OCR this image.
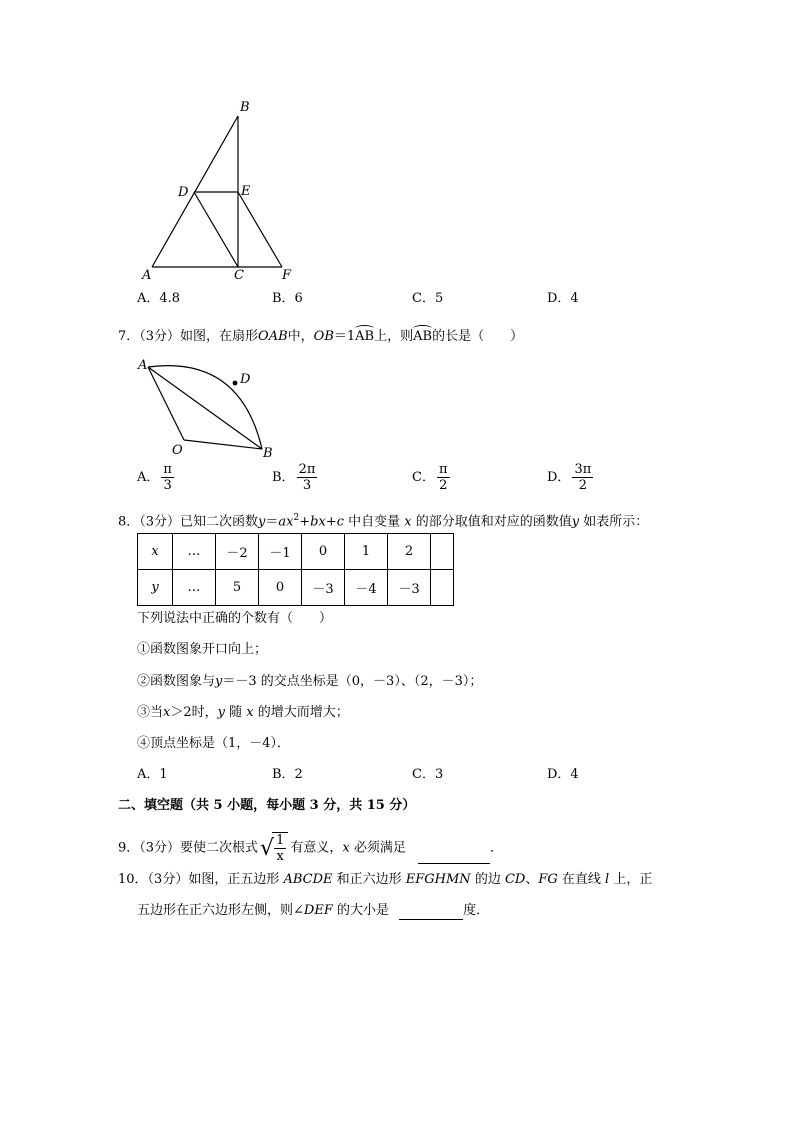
B
D	E
A	C	F
A．4.8	B．6	C．5	D．4
7．（3分）如图，在扇形OAB中，OB＝1AB上，则AB的长是（　　）
A
D
O	B
A． $\frac{\pi}{3}$	B． $\frac{2\pi}{3}$	C． $\frac{\pi}{2}$	D． $\frac{3\pi}{2}$
8．（3分）已知二次函数$y=ax^2+bx+c$ 中自变量 x 的部分取值和对应的函数值y 如表所示：
x	…	－2	－1	0	1	2	
y	…	5	0	－3	－4	－3	
下列说法中正确的个数有（　　）
①函数图象开口向上；
②函数图象与y＝－3 的交点坐标是（0，－3）、（2，－3）；
③当x＞2时，y 随 x 的增大而增大；
④顶点坐标是（1，－4）．
A．1	B．2	C．3	D．4
二、填空题（共 5 小题，每小题 3 分，共 15 分）
9．（3分）要使二次根式 √ $\frac{1}{x}$ 有意义，x 必须满足	．
10．（3分）如图，正五边形 ABCDE 和正六边形 EFGHMN 的边 CD、FG 在直线 l 上，正
五边形在正六边形左侧，则∠DEF 的大小是	度．
